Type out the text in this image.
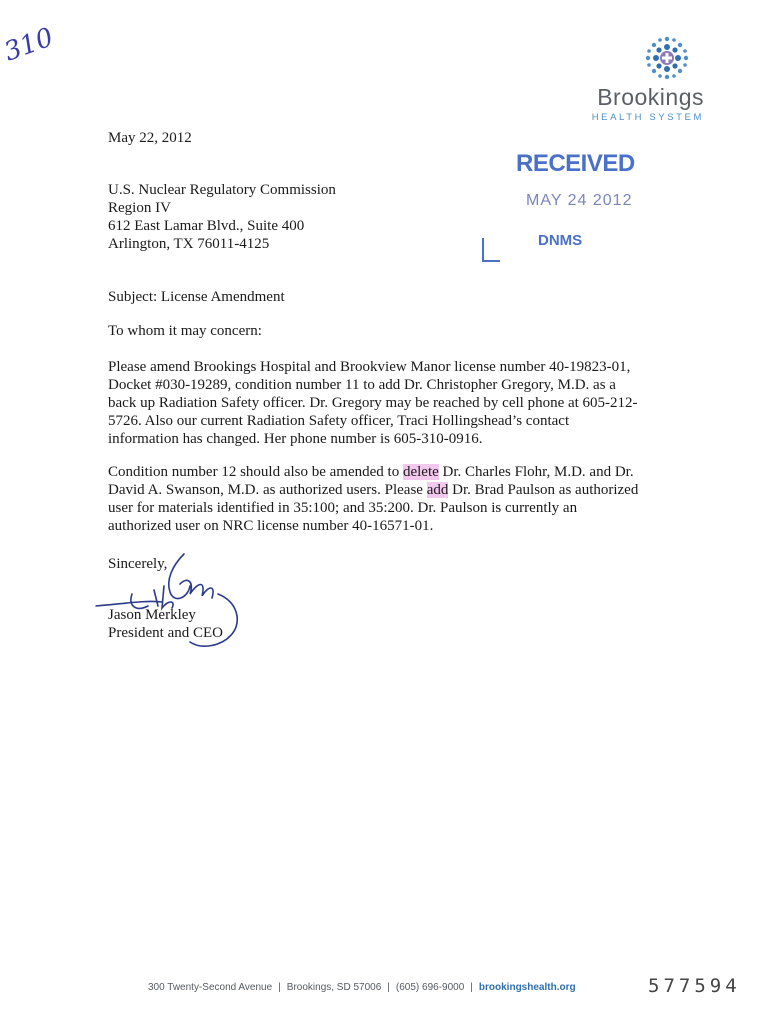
310
Brookings
HEALTH SYSTEM
May 22, 2012
RECEIVED
MAY 24 2012
DNMS
U.S. Nuclear Regulatory Commission
Region IV
612 East Lamar Blvd., Suite 400
Arlington, TX 76011-4125
Subject: License Amendment
To whom it may concern:
Please amend Brookings Hospital and Brookview Manor license number 40-19823-01,
Docket #030-19289, condition number 11 to add Dr. Christopher Gregory, M.D. as a
back up Radiation Safety officer. Dr. Gregory may be reached by cell phone at 605-212-
5726. Also our current Radiation Safety officer, Traci Hollingshead’s contact
information has changed. Her phone number is 605-310-0916.
Condition number 12 should also be amended to delete Dr. Charles Flohr, M.D. and Dr.
David A. Swanson, M.D. as authorized users. Please add Dr. Brad Paulson as authorized
user for materials identified in 35:100; and 35:200. Dr. Paulson is currently an
authorized user on NRC license number 40-16571-01.
Sincerely,
Jason Merkley
President and CEO
300 Twenty-Second Avenue | Brookings, SD 57006 | (605) 696-9000 | brookingshealth.org	577594
